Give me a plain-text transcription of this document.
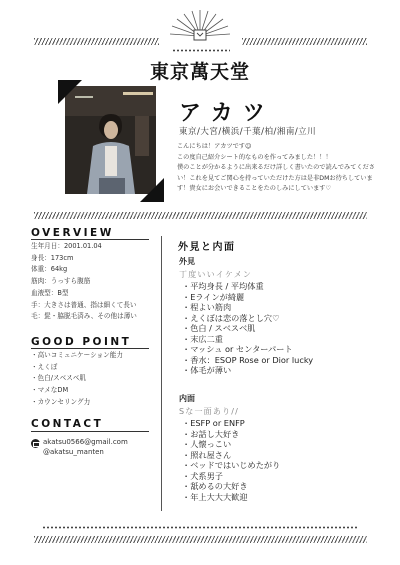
東京萬天堂
アカツ
東京/大宮/横浜/千葉/柏/湘南/立川
こんにちは！アカツです☺
この度自己紹介シート的なものを作ってみました！！！
僕のことが分かるように出来るだけ詳しく書いたので読んでみてください！これを見てご関心を持っていただけた方は是非DMお待ちしています！貴女にお会いできることをたのしみにしています♡
OVERVIEW
生年月日：2001.01.04
身長：173cm
体重：64kg
筋肉：うっすら腹筋
血液型：B型
手：大きさは普通、指は細くて長い
毛：髭・脇脱毛済み、その他は薄い
GOOD POINT
・高いコミュニケーション能力
・えくぼ
・色白/スベスベ肌
・マメなDM
・カウンセリング力
CONTACT
akatsu0566@gmail.com
@akatsu_manten
外見と内面
外見
丁度いいイケメン
・平均身長 / 平均体重
・Eラインが綺麗
・程よい筋肉
・えくぼは恋の落とし穴♡
・色白 / スベスベ肌
・末広二重
・マッシュ or センターパート
・香水：ESOP Rose or Dior lucky
・体毛が薄い
内面
Sな一面あり//
・ESFP or ENFP
・お話し大好き
・人懐っこい
・照れ屋さん
・ベッドではいじめたがり
・犬系男子
・舐めるの大好き
・年上大大大歓迎
